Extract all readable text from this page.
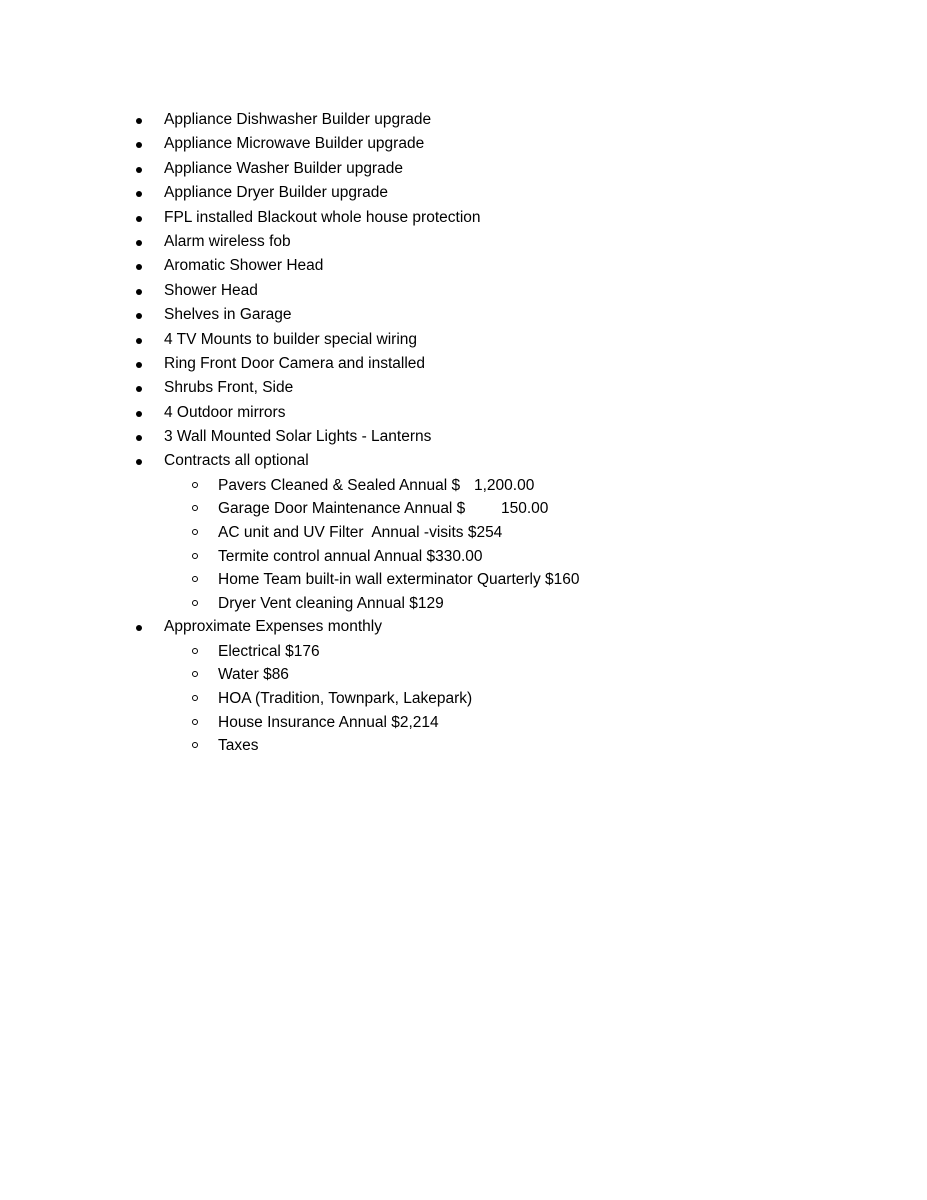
Appliance Dishwasher Builder upgrade
Appliance Microwave Builder upgrade
Appliance Washer Builder upgrade
Appliance Dryer Builder upgrade
FPL installed Blackout whole house protection
Alarm wireless fob
Aromatic Shower Head
Shower Head
Shelves in Garage
4 TV Mounts to builder special wiring
Ring Front Door Camera and installed
Shrubs Front, Side
4 Outdoor mirrors
3 Wall Mounted Solar Lights - Lanterns
Contracts all optional
Pavers Cleaned & Sealed Annual $ 1,200.00
Garage Door Maintenance Annual $ 150.00
AC unit and UV Filter  Annual -visits $254
Termite control annual Annual $330.00
Home Team built-in wall exterminator Quarterly $160
Dryer Vent cleaning Annual $129
Approximate Expenses monthly
Electrical $176
Water $86
HOA (Tradition, Townpark, Lakepark)
House Insurance Annual $2,214
Taxes
